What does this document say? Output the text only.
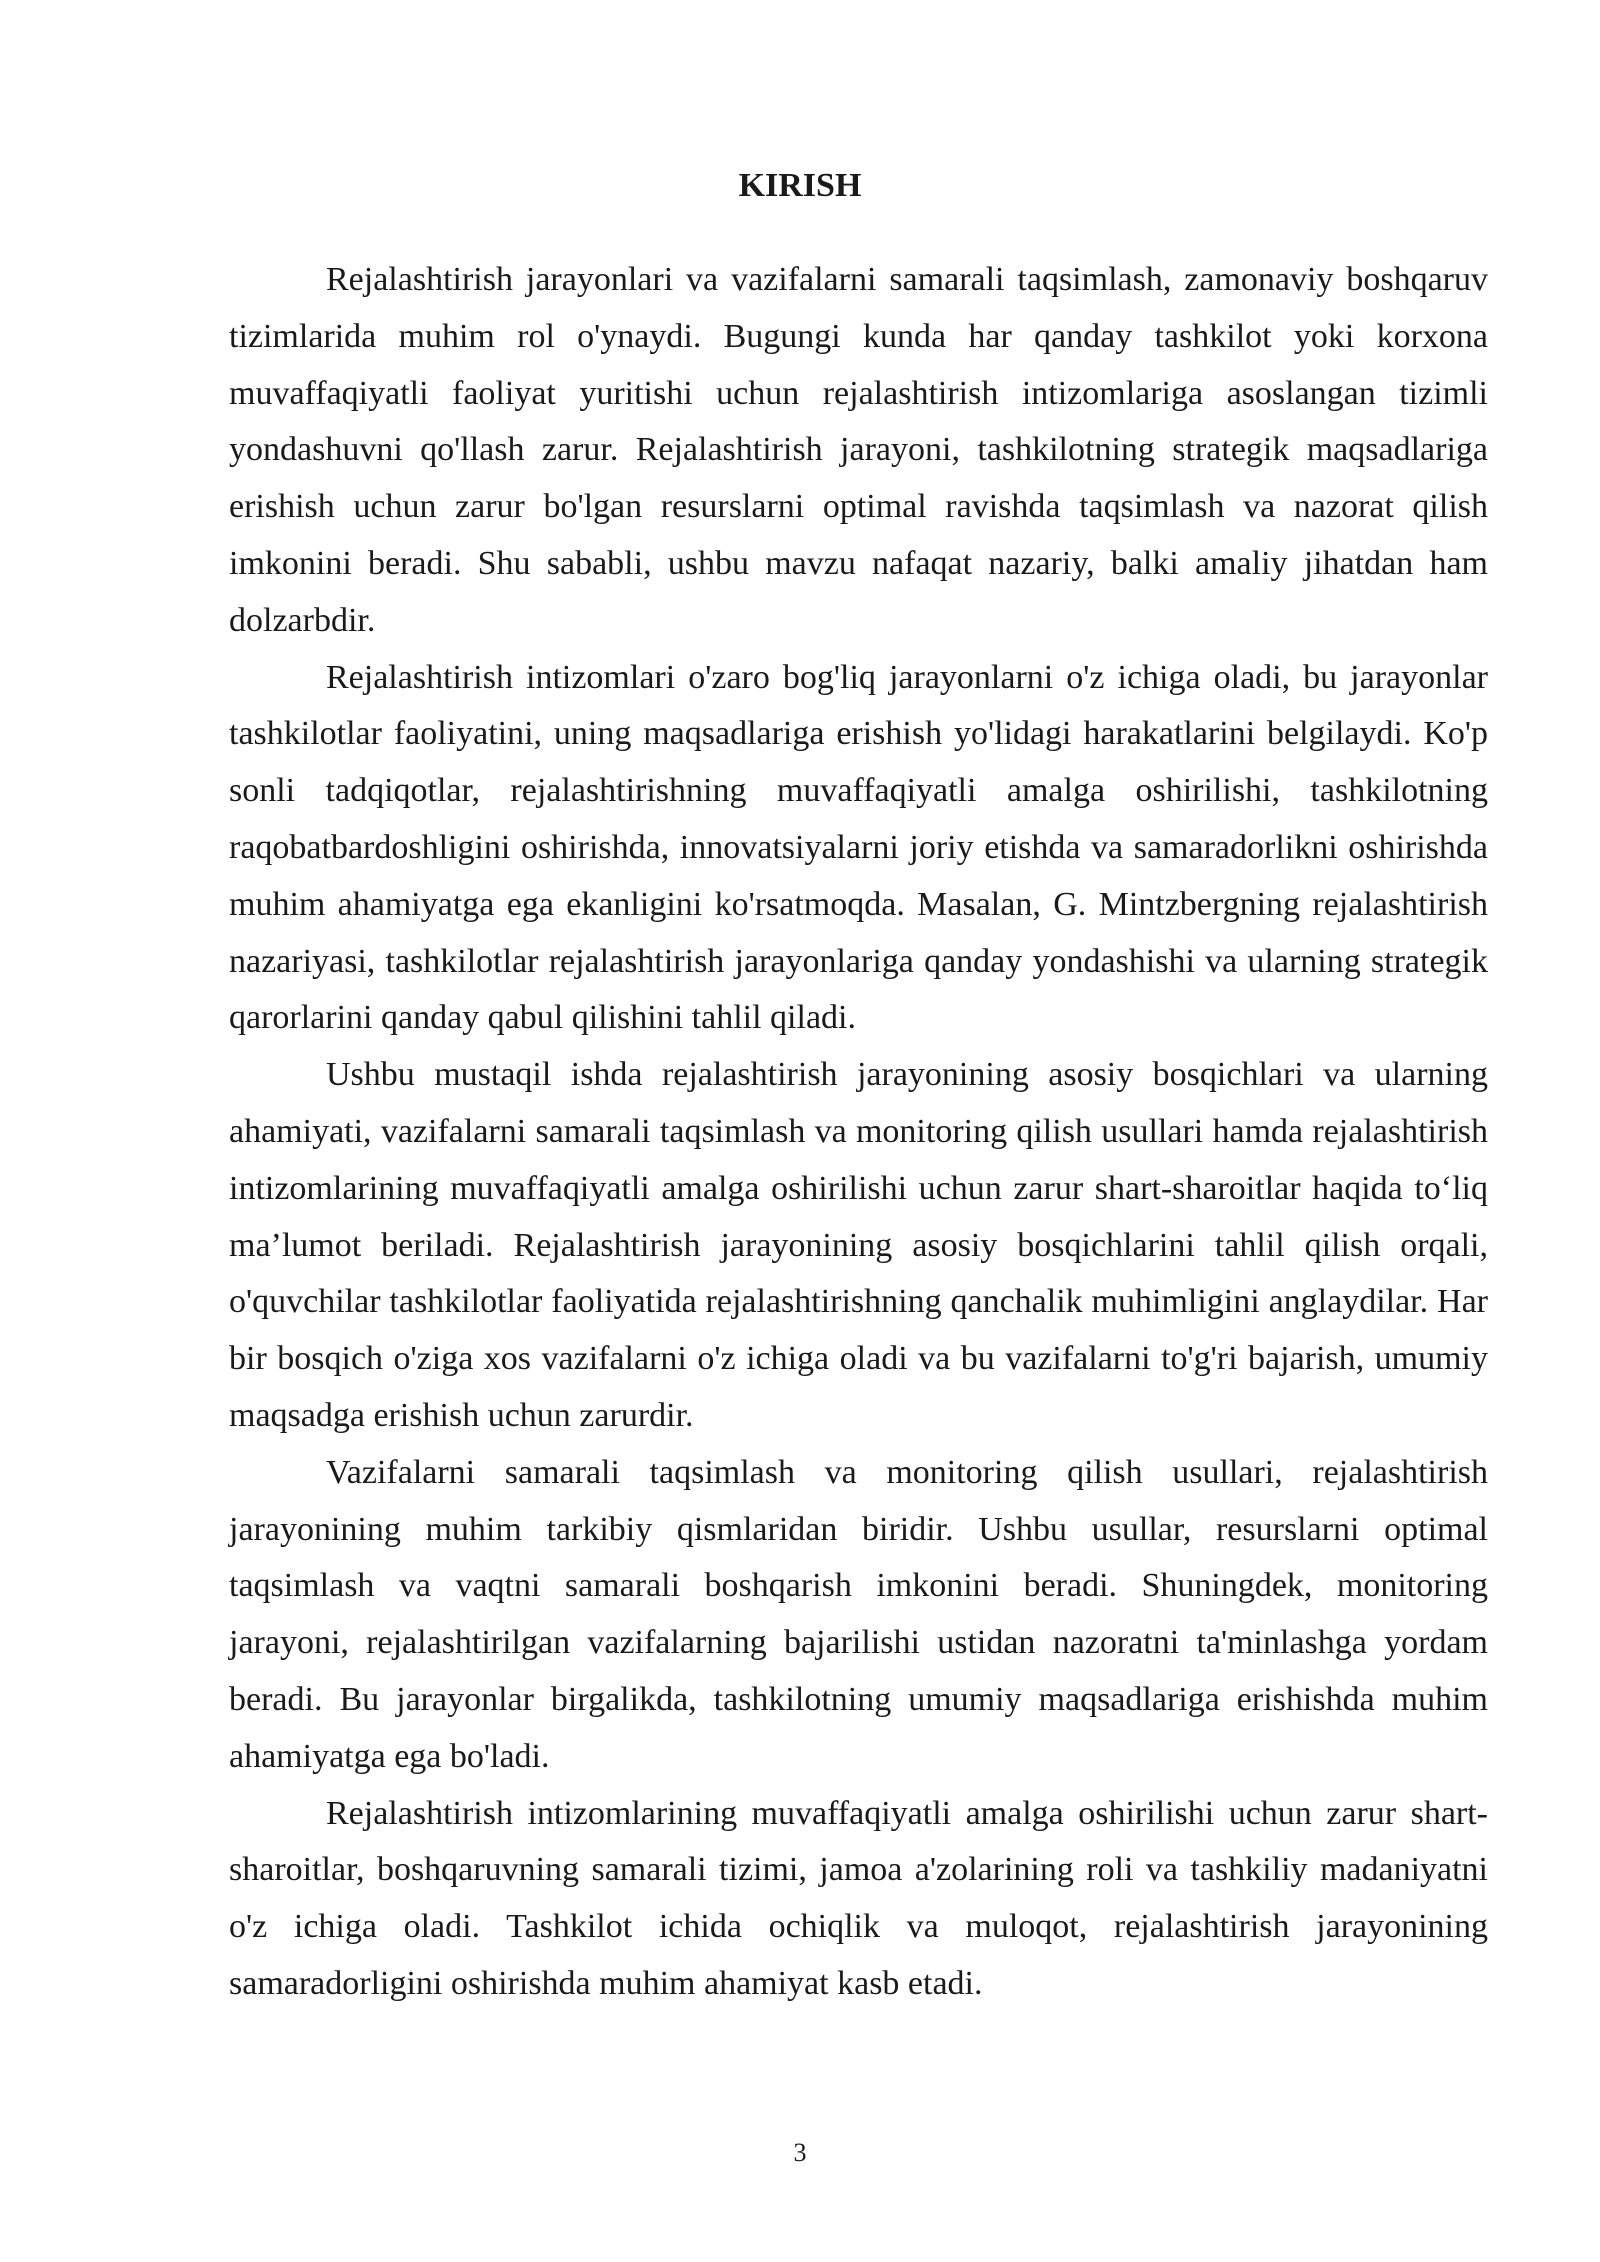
KIRISH

Rejalashtirish jarayonlari va vazifalarni samarali taqsimlash, zamonaviy boshqaruv tizimlarida muhim rol o'ynaydi. Bugungi kunda har qanday tashkilot yoki korxona muvaffaqiyatli faoliyat yuritishi uchun rejalashtirish intizomlariga asoslangan tizimli yondashuvni qo'llash zarur. Rejalashtirish jarayoni, tashkilotning strategik maqsadlariga erishish uchun zarur bo'lgan resurslarni optimal ravishda taqsimlash va nazorat qilish imkonini beradi. Shu sababli, ushbu mavzu nafaqat nazariy, balki amaliy jihatdan ham dolzarbdir.

Rejalashtirish intizomlari o'zaro bog'liq jarayonlarni o'z ichiga oladi, bu jarayonlar tashkilotlar faoliyatini, uning maqsadlariga erishish yo'lidagi harakatlarini belgilaydi. Ko'p sonli tadqiqotlar, rejalashtirishning muvaffaqiyatli amalga oshirilishi, tashkilotning raqobatbardoshligini oshirishda, innovatsiyalarni joriy etishda va samaradorlikni oshirishda muhim ahamiyatga ega ekanligini ko'rsatmoqda. Masalan, G. Mintzbergning rejalashtirish nazariyasi, tashkilotlar rejalashtirish jarayonlariga qanday yondashishi va ularning strategik qarorlarini qanday qabul qilishini tahlil qiladi.

Ushbu mustaqil ishda rejalashtirish jarayonining asosiy bosqichlari va ularning ahamiyati, vazifalarni samarali taqsimlash va monitoring qilish usullari hamda rejalashtirish intizomlarining muvaffaqiyatli amalga oshirilishi uchun zarur shart-sharoitlar haqida to‘liq ma’lumot beriladi. Rejalashtirish jarayonining asosiy bosqichlarini tahlil qilish orqali, o'quvchilar tashkilotlar faoliyatida rejalashtirishning qanchalik muhimligini anglaydilar. Har bir bosqich o'ziga xos vazifalarni o'z ichiga oladi va bu vazifalarni to'g'ri bajarish, umumiy maqsadga erishish uchun zarurdir.

Vazifalarni samarali taqsimlash va monitoring qilish usullari, rejalashtirish jarayonining muhim tarkibiy qismlaridan biridir. Ushbu usullar, resurslarni optimal taqsimlash va vaqtni samarali boshqarish imkonini beradi. Shuningdek, monitoring jarayoni, rejalashtirilgan vazifalarning bajarilishi ustidan nazoratni ta'minlashga yordam beradi. Bu jarayonlar birgalikda, tashkilotning umumiy maqsadlariga erishishda muhim ahamiyatga ega bo'ladi.

Rejalashtirish intizomlarining muvaffaqiyatli amalga oshirilishi uchun zarur shart-sharoitlar, boshqaruvning samarali tizimi, jamoa a'zolarining roli va tashkiliy madaniyatni o'z ichiga oladi. Tashkilot ichida ochiqlik va muloqot, rejalashtirish jarayonining samaradorligini oshirishda muhim ahamiyat kasb etadi.

3
